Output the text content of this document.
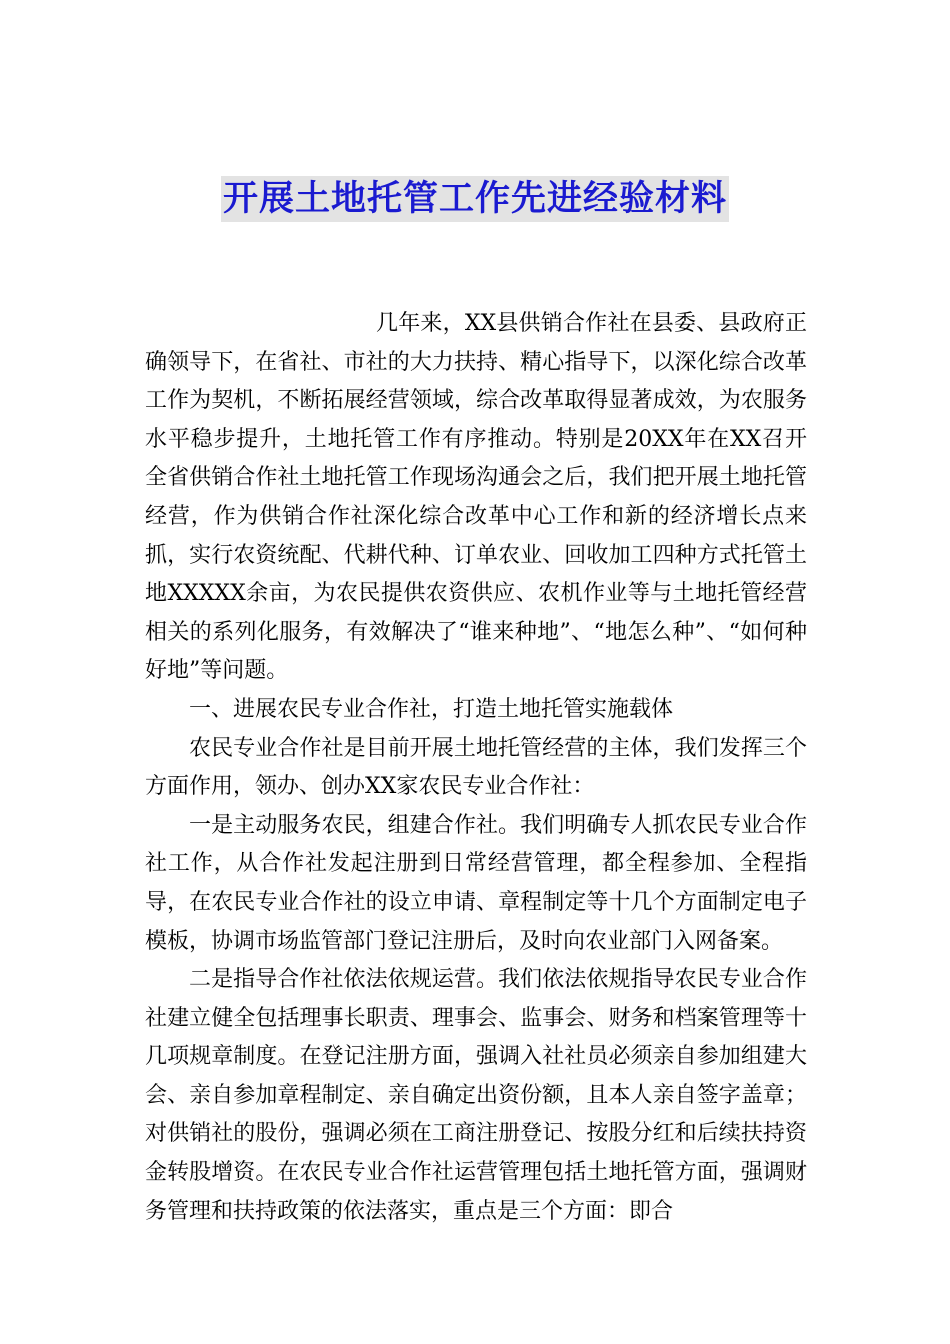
开展土地托管工作先进经验材料

几年来，XX县供销合作社在县委、县政府正确领导下，在省社、市社的大力扶持、精心指导下，以深化综合改革工作为契机，不断拓展经营领域，综合改革取得显著成效，为农服务水平稳步提升，土地托管工作有序推动。特别是20XX年在XX召开全省供销合作社土地托管工作现场沟通会之后，我们把开展土地托管经营，作为供销合作社深化综合改革中心工作和新的经济增长点来抓，实行农资统配、代耕代种、订单农业、回收加工四种方式托管土地XXXXX余亩，为农民提供农资供应、农机作业等与土地托管经营相关的系列化服务，有效解决了“谁来种地”、“地怎么种”、“如何种好地”等问题。

一、进展农民专业合作社，打造土地托管实施载体

农民专业合作社是目前开展土地托管经营的主体，我们发挥三个方面作用，领办、创办XX家农民专业合作社：

一是主动服务农民，组建合作社。我们明确专人抓农民专业合作社工作，从合作社发起注册到日常经营管理，都全程参加、全程指导，在农民专业合作社的设立申请、章程制定等十几个方面制定电子模板，协调市场监管部门登记注册后，及时向农业部门入网备案。

二是指导合作社依法依规运营。我们依法依规指导农民专业合作社建立健全包括理事长职责、理事会、监事会、财务和档案管理等十几项规章制度。在登记注册方面，强调入社社员必须亲自参加组建大会、亲自参加章程制定、亲自确定出资份额，且本人亲自签字盖章；对供销社的股份，强调必须在工商注册登记、按股分红和后续扶持资金转股增资。在农民专业合作社运营管理包括土地托管方面，强调财务管理和扶持政策的依法落实，重点是三个方面：即合
